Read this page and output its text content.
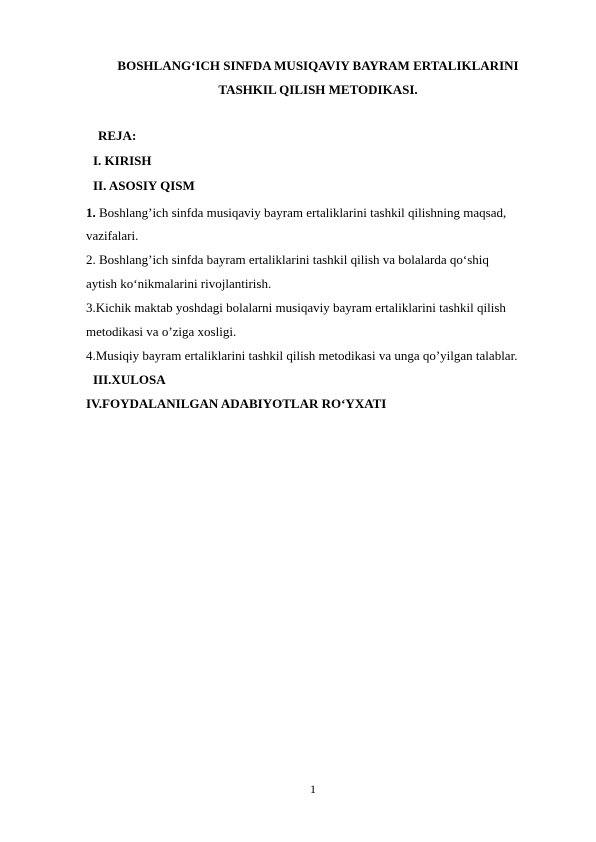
BOSHLANG‘ICH SINFDA MUSIQAVIY BAYRAM ERTALIKLARINI
TASHKIL QILISH METODIKASI.
REJA:
I. KIRISH
II. ASOSIY QISM
1. Boshlang’ich sinfda musiqaviy bayram ertaliklarini tashkil qilishning maqsad,
vazifalari.
2. Boshlang’ich sinfda bayram ertaliklarini tashkil qilish va bolalarda qo‘shiq
aytish ko‘nikmalarini rivojlantirish.
3.Kichik maktab yoshdagi bolalarni musiqaviy bayram ertaliklarini tashkil qilish
metodikasi va o’ziga xosligi.
4.Musiqiy bayram ertaliklarini tashkil qilish metodikasi va unga qo’yilgan talablar.
III.XULOSA
IV.FOYDALANILGAN ADABIYOTLAR RO‘YXATI
1
